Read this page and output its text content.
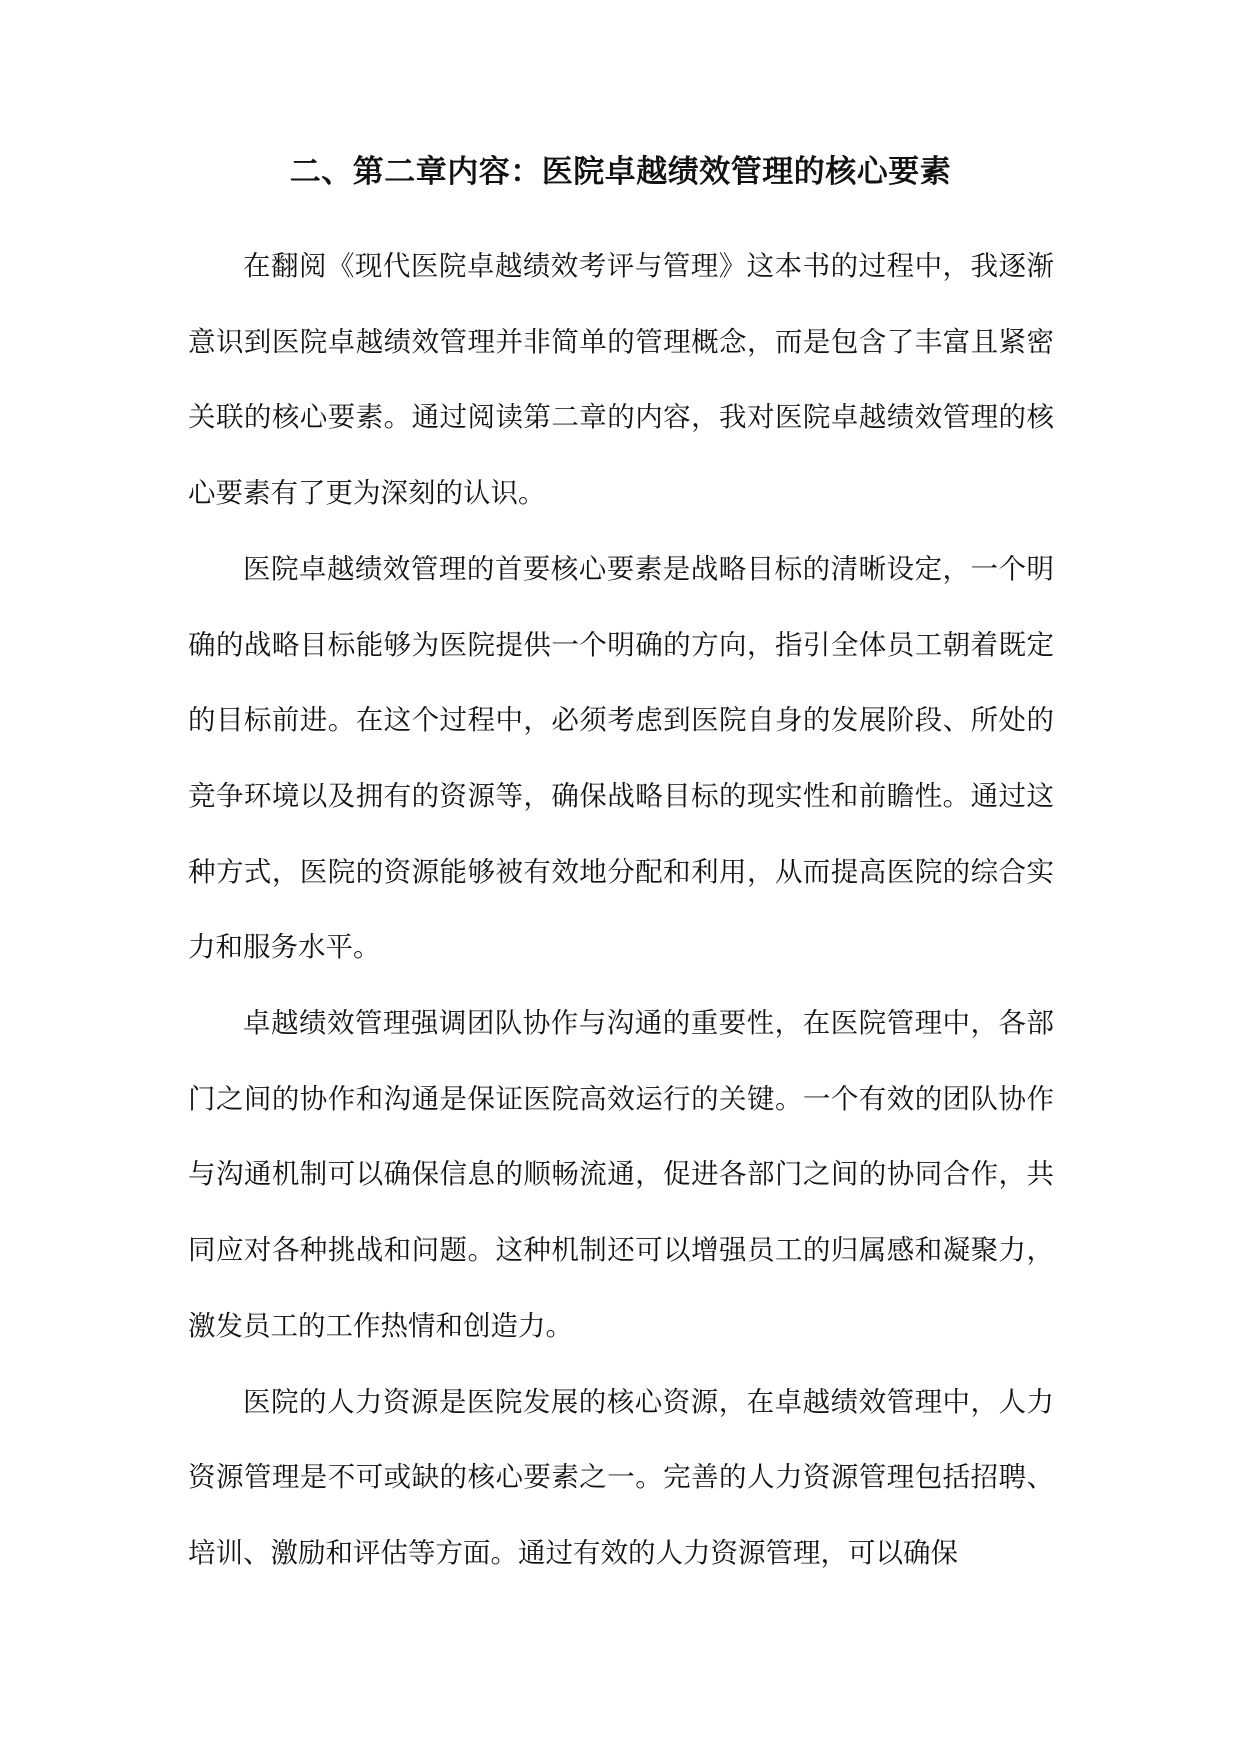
二、第二章内容：医院卓越绩效管理的核心要素

在翻阅《现代医院卓越绩效考评与管理》这本书的过程中，我逐渐意识到医院卓越绩效管理并非简单的管理概念，而是包含了丰富且紧密关联的核心要素。通过阅读第二章的内容，我对医院卓越绩效管理的核心要素有了更为深刻的认识。

医院卓越绩效管理的首要核心要素是战略目标的清晰设定，一个明确的战略目标能够为医院提供一个明确的方向，指引全体员工朝着既定的目标前进。在这个过程中，必须考虑到医院自身的发展阶段、所处的竞争环境以及拥有的资源等，确保战略目标的现实性和前瞻性。通过这种方式，医院的资源能够被有效地分配和利用，从而提高医院的综合实力和服务水平。

卓越绩效管理强调团队协作与沟通的重要性，在医院管理中，各部门之间的协作和沟通是保证医院高效运行的关键。一个有效的团队协作与沟通机制可以确保信息的顺畅流通，促进各部门之间的协同合作，共同应对各种挑战和问题。这种机制还可以增强员工的归属感和凝聚力，激发员工的工作热情和创造力。

医院的人力资源是医院发展的核心资源，在卓越绩效管理中，人力资源管理是不可或缺的核心要素之一。完善的人力资源管理包括招聘、培训、激励和评估等方面。通过有效的人力资源管理，可以确保
